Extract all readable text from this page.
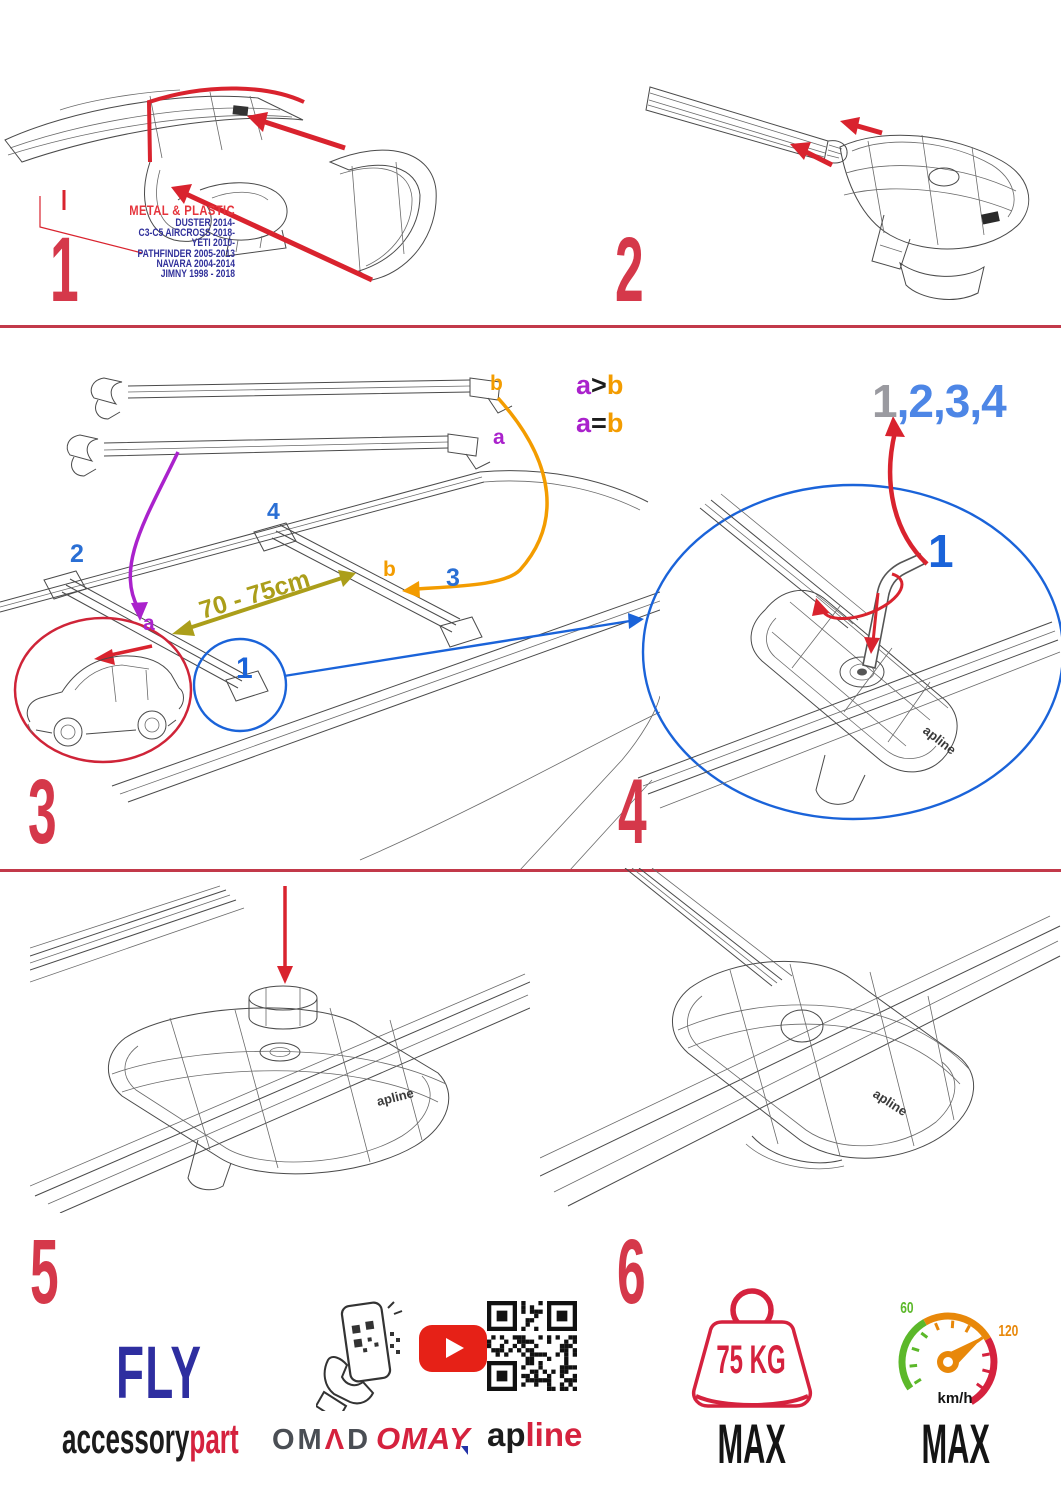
METAL & PLASTIC
DUSTER 2014-
C3-C5 AIRCROSS 2018-
YETI 2010-
PATHFINDER 2005-2013
NAVARA 2004-2014
JIMNY 1998 - 2018
1	2
b
a
a>b
a=b
2
4
3
b
a
1
70 - 75cm
3
apline
1,2,3,4
1
4
apline
5
apline
6
FLY
accessorypart OMΛD OMAY apline
75 KG
MAX
60
120
km/h
MAX
